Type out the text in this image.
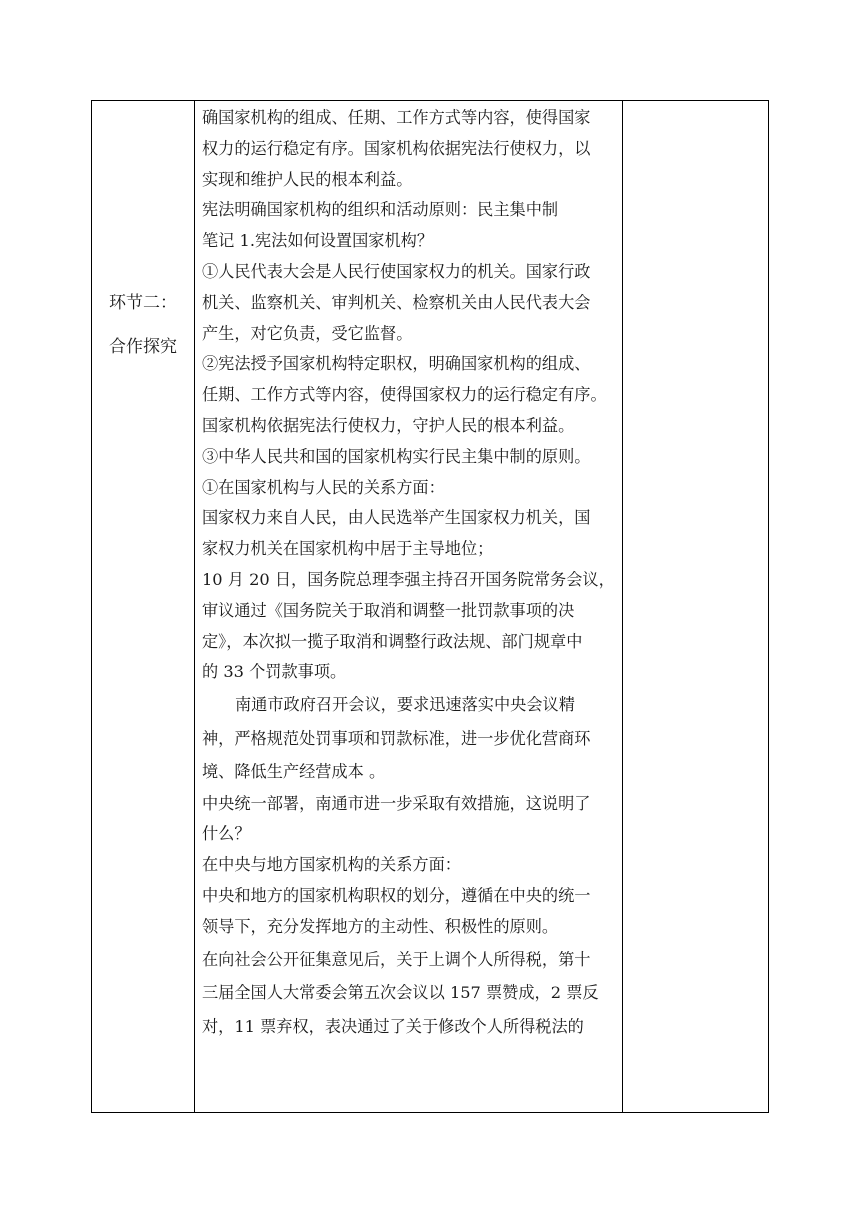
环节二：
合作探究
确国家机构的组成、任期、工作方式等内容，使得国家
权力的运行稳定有序。国家机构依据宪法行使权力，以
实现和维护人民的根本利益。
宪法明确国家机构的组织和活动原则：民主集中制
笔记 1.宪法如何设置国家机构？
①人民代表大会是人民行使国家权力的机关。国家行政
机关、监察机关、审判机关、检察机关由人民代表大会
产生，对它负责，受它监督。
②宪法授予国家机构特定职权，明确国家机构的组成、
任期、工作方式等内容，使得国家权力的运行稳定有序。
国家机构依据宪法行使权力，守护人民的根本利益。
③中华人民共和国的国家机构实行民主集中制的原则。
①在国家机构与人民的关系方面：
国家权力来自人民，由人民选举产生国家权力机关，国
家权力机关在国家机构中居于主导地位；
10 月 20 日，国务院总理李强主持召开国务院常务会议，
审议通过《国务院关于取消和调整一批罚款事项的决
定》，本次拟一揽子取消和调整行政法规、部门规章中
的 33 个罚款事项。
南通市政府召开会议，要求迅速落实中央会议精
神，严格规范处罚事项和罚款标准，进一步优化营商环
境、降低生产经营成本 。
中央统一部署，南通市进一步采取有效措施，这说明了
什么？
在中央与地方国家机构的关系方面：
中央和地方的国家机构职权的划分，遵循在中央的统一
领导下，充分发挥地方的主动性、积极性的原则。
在向社会公开征集意见后，关于上调个人所得税，第十
三届全国人大常委会第五次会议以 157 票赞成，2 票反
对，11 票弃权，表决通过了关于修改个人所得税法的
